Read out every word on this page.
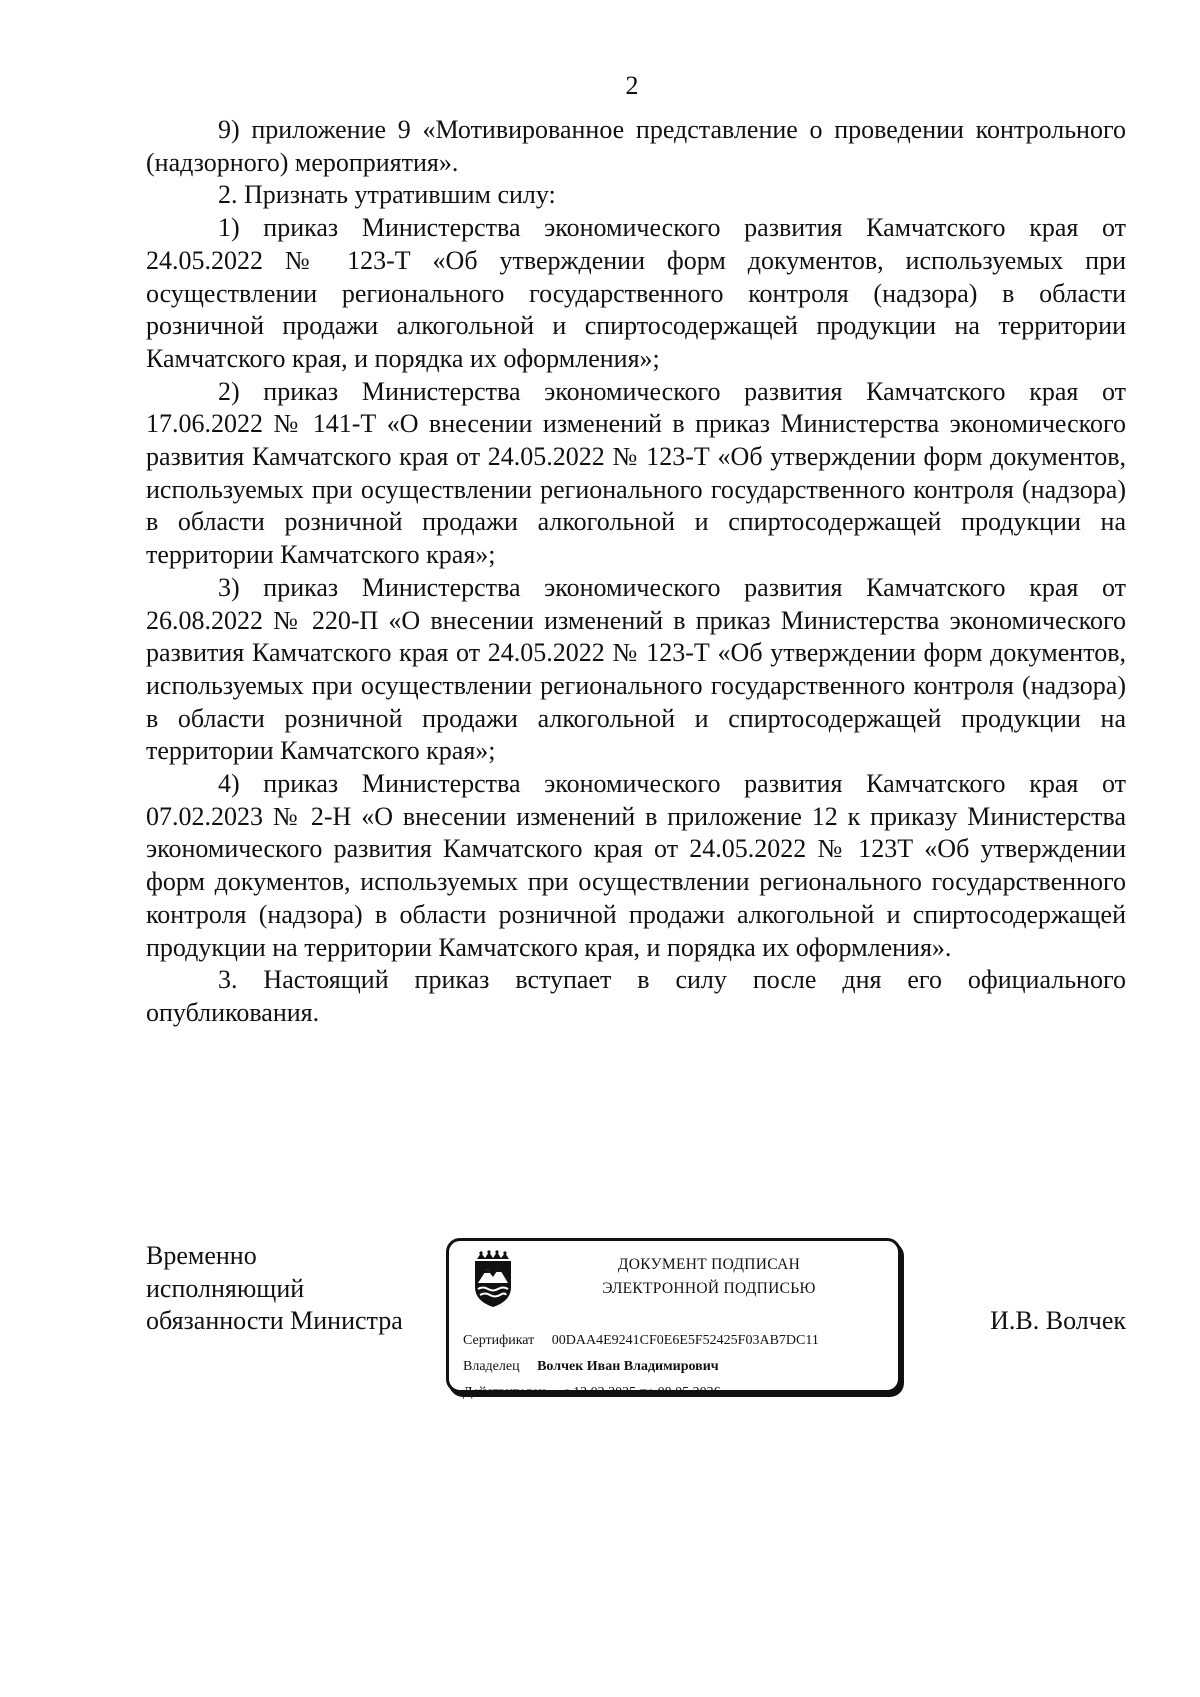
2

9) приложение 9 «Мотивированное представление о проведении контрольного (надзорного) мероприятия».

2. Признать утратившим силу:

1) приказ Министерства экономического развития Камчатского края от 24.05.2022 № 123-Т «Об утверждении форм документов, используемых при осуществлении регионального государственного контроля (надзора) в области розничной продажи алкогольной и спиртосодержащей продукции на территории Камчатского края, и порядка их оформления»;

2) приказ Министерства экономического развития Камчатского края от 17.06.2022 № 141-Т «О внесении изменений в приказ Министерства экономического развития Камчатского края от 24.05.2022 № 123-Т «Об утверждении форм документов, используемых при осуществлении регионального государственного контроля (надзора) в области розничной продажи алкогольной и спиртосодержащей продукции на территории Камчатского края»;

3) приказ Министерства экономического развития Камчатского края от 26.08.2022 № 220-П «О внесении изменений в приказ Министерства экономического развития Камчатского края от 24.05.2022 № 123-Т «Об утверждении форм документов, используемых при осуществлении регионального государственного контроля (надзора) в области розничной продажи алкогольной и спиртосодержащей продукции на территории Камчатского края»;

4) приказ Министерства экономического развития Камчатского края от 07.02.2023 № 2-Н «О внесении изменений в приложение 12 к приказу Министерства экономического развития Камчатского края от 24.05.2022 № 123Т «Об утверждении форм документов, используемых при осуществлении регионального государственного контроля (надзора) в области розничной продажи алкогольной и спиртосодержащей продукции на территории Камчатского края, и порядка их оформления».

3. Настоящий приказ вступает в силу после дня его официального опубликования.

Временно
исполняющий
обязанности Министра
ДОКУМЕНТ ПОДПИСАН
ЭЛЕКТРОННОЙ ПОДПИСЬЮ
Сертификат 00DAA4E9241CF0E6E5F52425F03AB7DC11
Владелец Волчек Иван Владимирович
Действителен с 12.02.2025 по 08.05.2026
И.В. Волчек
